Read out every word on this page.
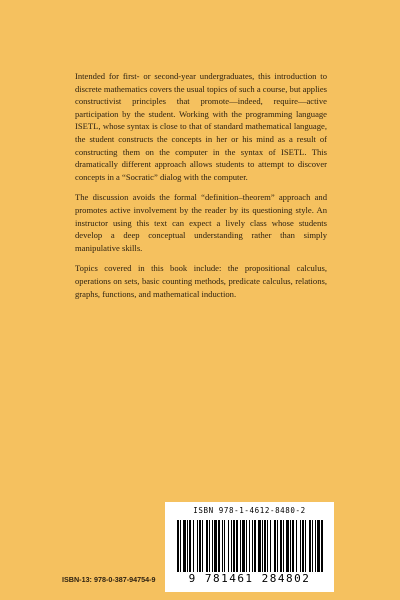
Intended for first- or second-year undergraduates, this introduction to discrete mathematics covers the usual topics of such a course, but applies constructivist principles that promote—indeed, require—active participation by the student. Working with the programming language ISETL, whose syntax is close to that of standard mathematical language, the student constructs the concepts in her or his mind as a result of constructing them on the computer in the syntax of ISETL. This dramatically different approach allows students to attempt to discover concepts in a “Socratic” dialog with the computer.

The discussion avoids the formal “definition–theorem” approach and promotes active involvement by the reader by its questioning style. An instructor using this text can expect a lively class whose students develop a deep conceptual understanding rather than simply manipulative skills.

Topics covered in this book include: the propositional calculus, operations on sets, basic counting methods, predicate calculus, relations, graphs, functions, and mathematical induction.

ISBN 978-1-4612-8480-2
9 781461 284802
ISBN-13: 978-0-387-94754-9
